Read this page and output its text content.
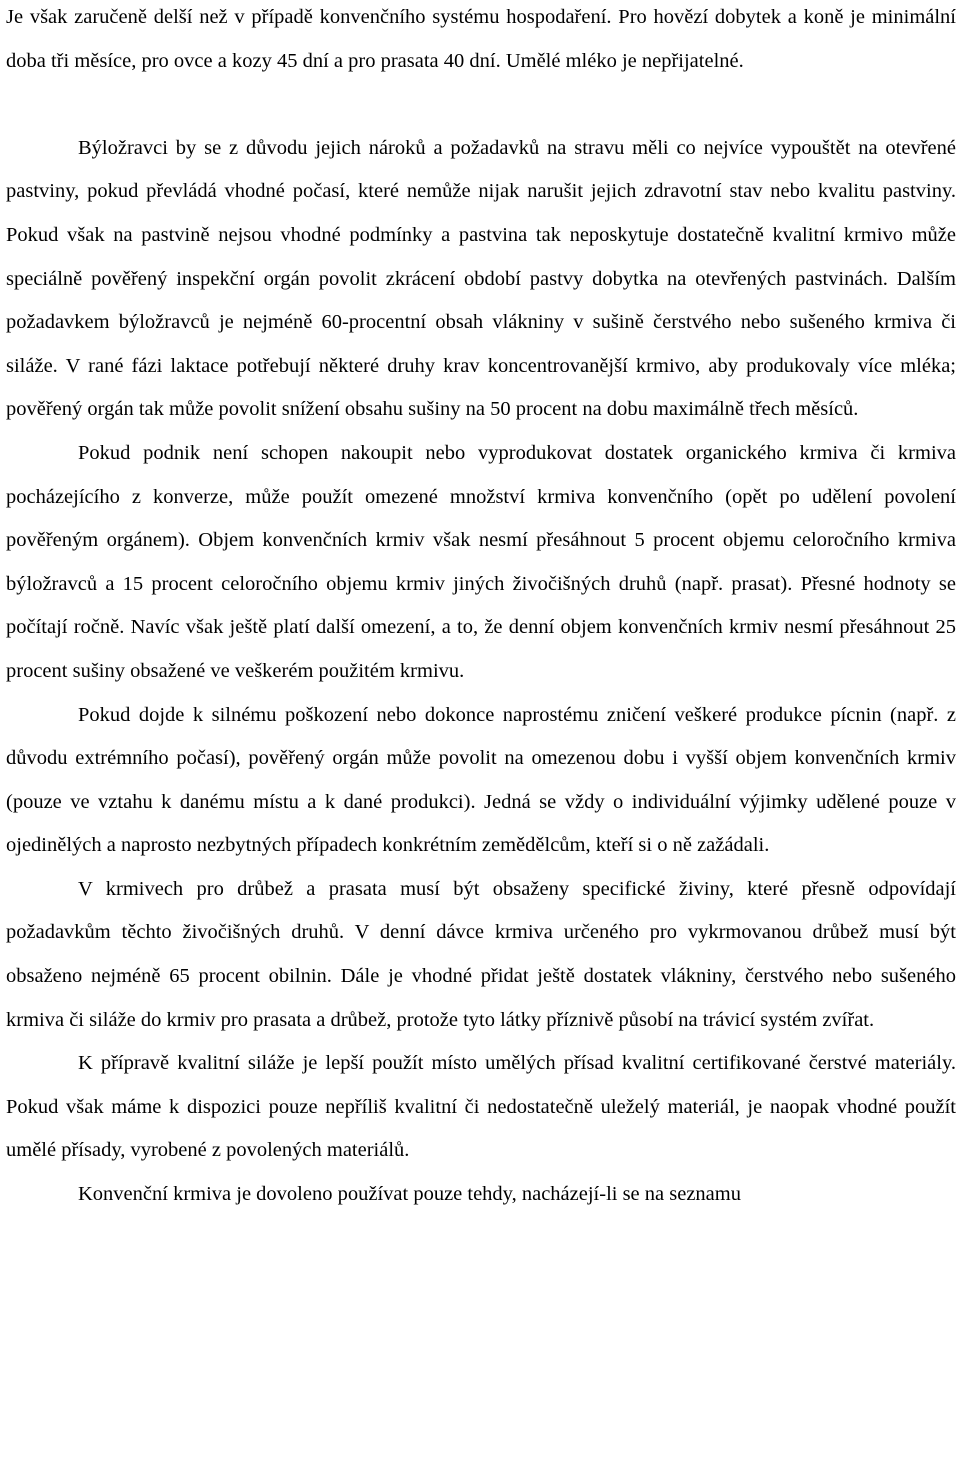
Je však zaručeně delší než v případě konvenčního systému hospodaření. Pro hovězí dobytek a koně je minimální doba tři měsíce, pro ovce a kozy 45 dní a pro prasata 40 dní. Umělé mléko je nepřijatelné.

Býložravci by se z důvodu jejich nároků a požadavků na stravu měli co nejvíce vypouštět na otevřené pastviny, pokud převládá vhodné počasí, které nemůže nijak narušit jejich zdravotní stav nebo kvalitu pastviny. Pokud však na pastvině nejsou vhodné podmínky a pastvina tak neposkytuje dostatečně kvalitní krmivo může speciálně pověřený inspekční orgán povolit zkrácení období pastvy dobytka na otevřených pastvinách. Dalším požadavkem býložravců je nejméně 60-procentní obsah vlákniny v sušině čerstvého nebo sušeného krmiva či siláže. V rané fázi laktace potřebují některé druhy krav koncentrovanější krmivo, aby produkovaly více mléka; pověřený orgán tak může povolit snížení obsahu sušiny na 50 procent na dobu maximálně třech měsíců.

Pokud podnik není schopen nakoupit nebo vyprodukovat dostatek organického krmiva či krmiva pocházejícího z konverze, může použít omezené množství krmiva konvenčního (opět po udělení povolení pověřeným orgánem). Objem konvenčních krmiv však nesmí přesáhnout 5 procent objemu celoročního krmiva býložravců a 15 procent celoročního objemu krmiv jiných živočišných druhů (např. prasat). Přesné hodnoty se počítají ročně. Navíc však ještě platí další omezení, a to, že denní objem konvenčních krmiv nesmí přesáhnout 25 procent sušiny obsažené ve veškerém použitém krmivu.

Pokud dojde k silnému poškození nebo dokonce naprostému zničení veškeré produkce pícnin (např. z důvodu extrémního počasí), pověřený orgán může povolit na omezenou dobu i vyšší objem konvenčních krmiv (pouze ve vztahu k danému místu a k dané produkci). Jedná se vždy o individuální výjimky udělené pouze v ojedinělých a naprosto nezbytných případech konkrétním zemědělcům, kteří si o ně zažádali.

V krmivech pro drůbež a prasata musí být obsaženy specifické živiny, které přesně odpovídají požadavkům těchto živočišných druhů. V denní dávce krmiva určeného pro vykrmovanou drůbež musí být obsaženo nejméně 65 procent obilnin. Dále je vhodné přidat ještě dostatek vlákniny, čerstvého nebo sušeného krmiva či siláže do krmiv pro prasata a drůbež, protože tyto látky příznivě působí na trávicí systém zvířat.

K přípravě kvalitní siláže je lepší použít místo umělých přísad kvalitní certifikované čerstvé materiály. Pokud však máme k dispozici pouze nepříliš kvalitní či nedostatečně uleželý materiál, je naopak vhodné použít umělé přísady, vyrobené z povolených materiálů.

Konvenční krmiva je dovoleno používat pouze tehdy, nacházejí-li se na seznamu
